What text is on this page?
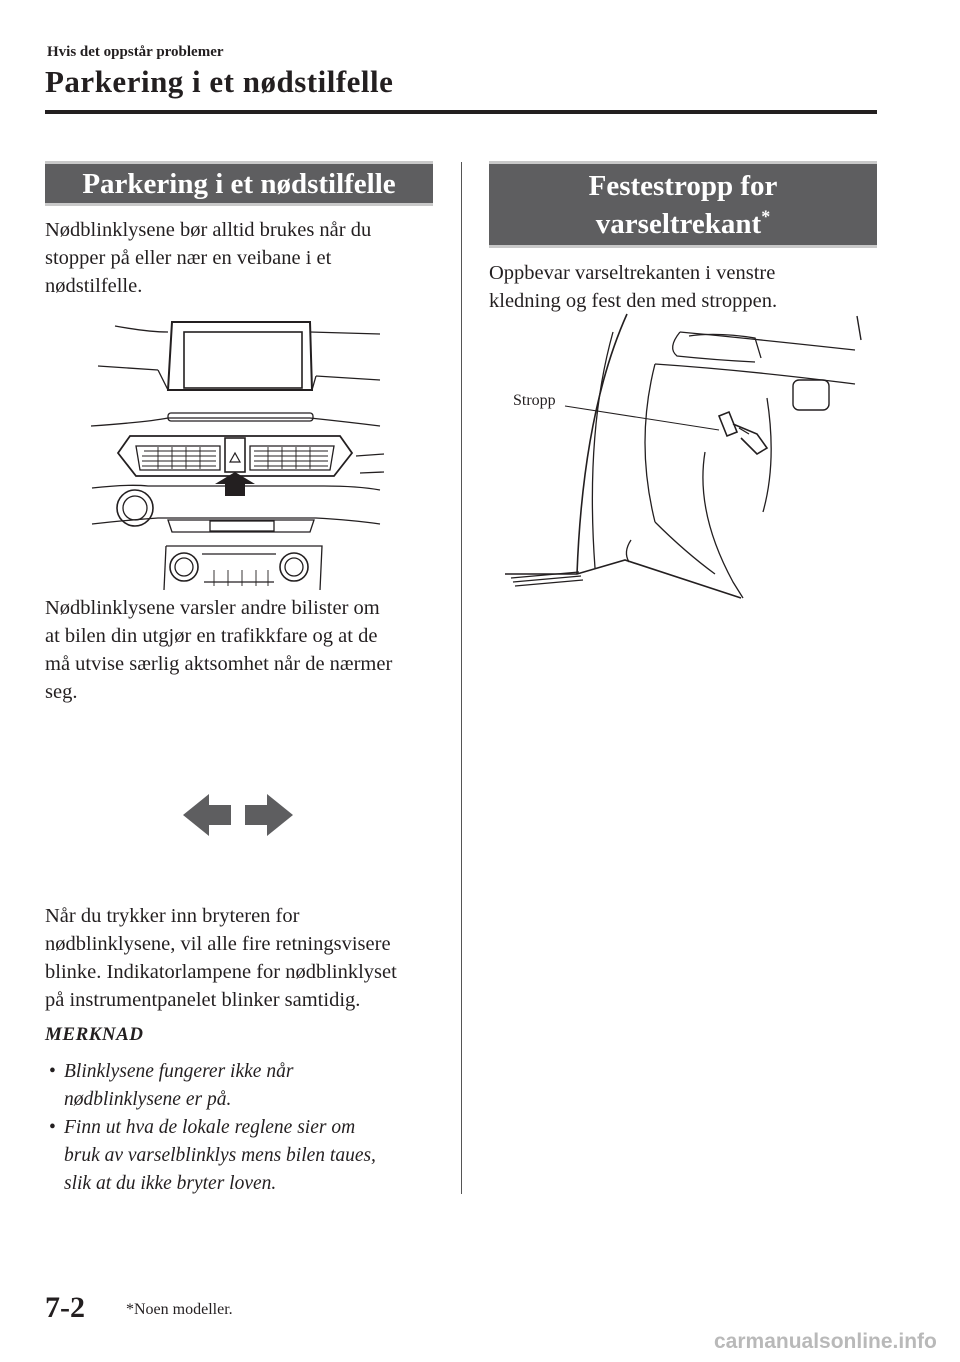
Hvis det oppstår problemer
Parkering i et nødstilfelle
Parkering i et nødstilfelle
Nødblinklysene bør alltid brukes når du
stopper på eller nær en veibane i et
nødstilfelle.
Nødblinklysene varsler andre bilister om
at bilen din utgjør en trafikkfare og at de
må utvise særlig aktsomhet når de nærmer
seg.
Når du trykker inn bryteren for
nødblinklysene, vil alle fire retningsvisere
blinke. Indikatorlampene for nødblinklyset
på instrumentpanelet blinker samtidig.
MERKNAD
• Blinklysene fungerer ikke når
nødblinklysene er på.
• Finn ut hva de lokale reglene sier om
bruk av varselblinklys mens bilen taues,
slik at du ikke bryter loven.
Festestropp for
varseltrekant*
Oppbevar varseltrekanten i venstre
kledning og fest den med stroppen.
Stropp
7-2	*Noen modeller.
carmanualsonline.info
